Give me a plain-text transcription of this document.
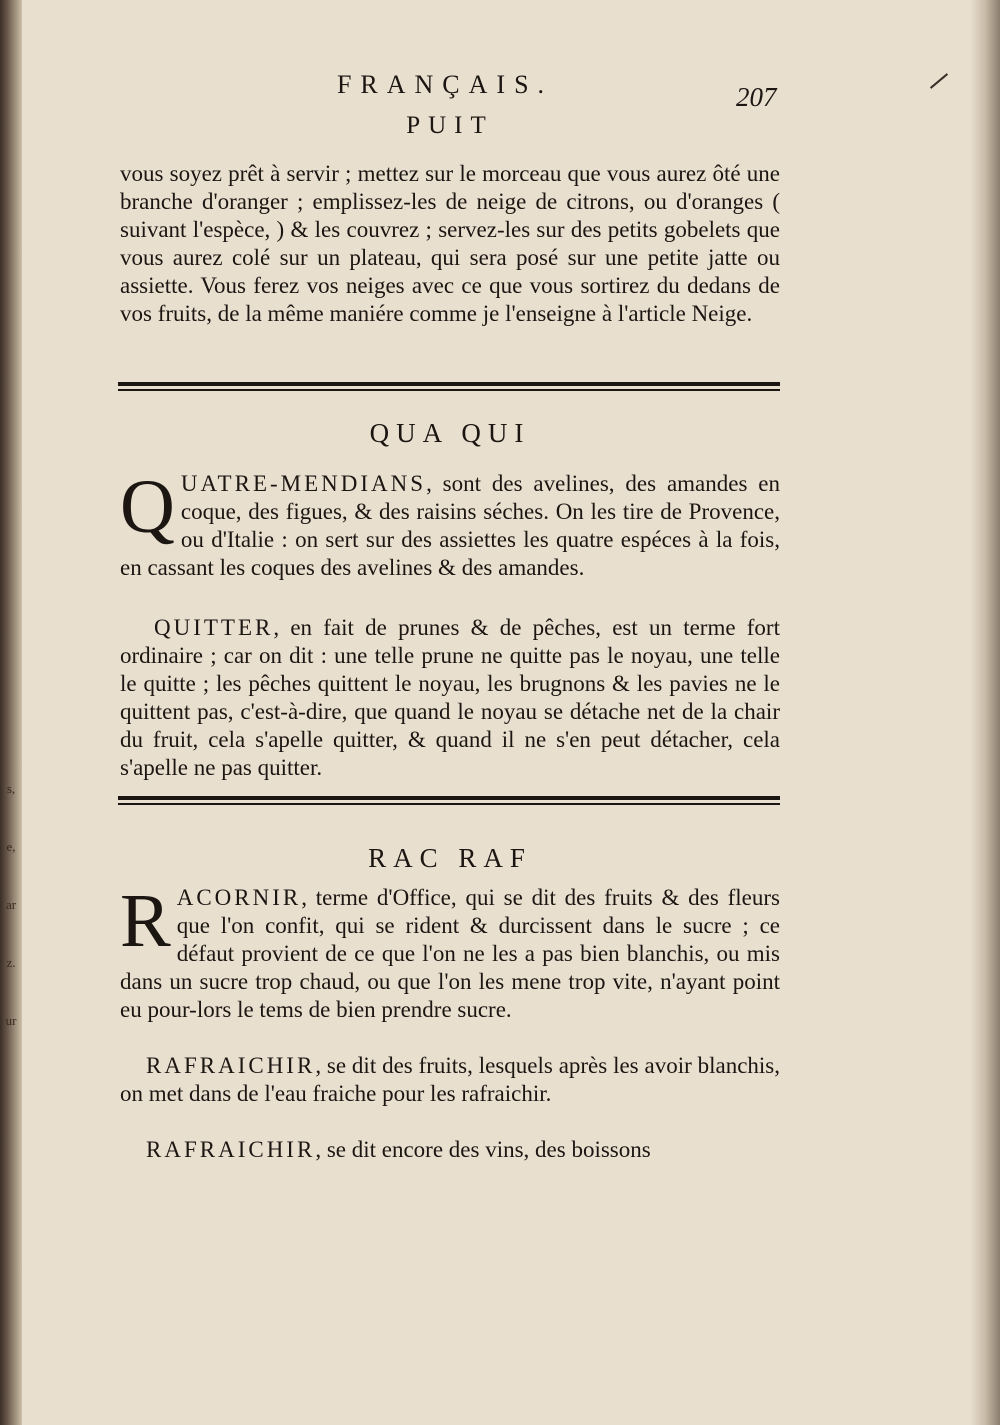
s,
e,
ar
z.
ur
FRANÇAIS.	207
PUIT
vous soyez prêt à servir ; mettez sur le morceau que vous aurez ôté une branche d'oranger ; emplissez-les de neige de citrons, ou d'oranges ( suivant l'espèce, ) & les couvrez ; servez-les sur des petits gobelets que vous aurez colé sur un plateau, qui sera posé sur une petite jatte ou assiette. Vous ferez vos neiges avec ce que vous sortirez du dedans de vos fruits, de la même maniére comme je l'enseigne à l'article Neige.
QUA QUI
Q UATRE-MENDIANS, sont des avelines, des amandes en coque, des figues, & des raisins séches. On les tire de Provence, ou d'Italie : on sert sur des assiettes les quatre espéces à la fois, en cassant les coques des avelines & des amandes.
QUITTER, en fait de prunes & de pêches, est un terme fort ordinaire ; car on dit : une telle prune ne quitte pas le noyau, une telle le quitte ; les pêches quittent le noyau, les brugnons & les pavies ne le quittent pas, c'est-à-dire, que quand le noyau se détache net de la chair du fruit, cela s'apelle quitter, & quand il ne s'en peut détacher, cela s'apelle ne pas quitter.
RAC RAF
R ACORNIR, terme d'Office, qui se dit des fruits & des fleurs que l'on confit, qui se rident & durcissent dans le sucre ; ce défaut provient de ce que l'on ne les a pas bien blanchis, ou mis dans un sucre trop chaud, ou que l'on les mene trop vite, n'ayant point eu pour-lors le tems de bien prendre sucre.
RAFRAICHIR, se dit des fruits, lesquels après les avoir blanchis, on met dans de l'eau fraiche pour les rafraichir.
RAFRAICHIR, se dit encore des vins, des boissons
